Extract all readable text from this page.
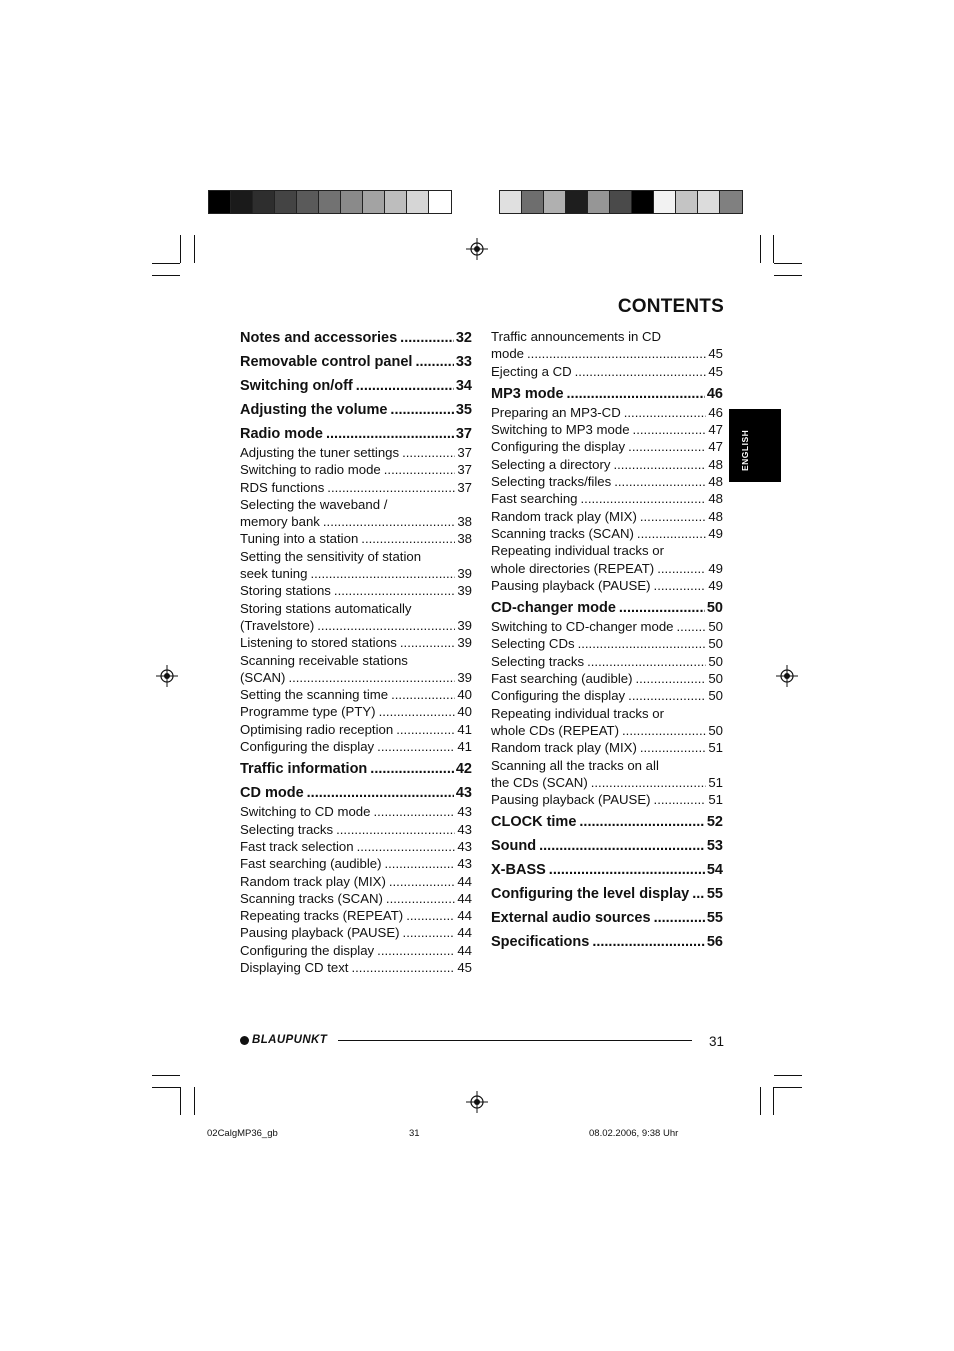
CONTENTS
Notes and accessories .....	32
Removable control panel .....	33
Switching on/off .....	34
Adjusting the volume .....	35
Radio mode .....	37
Adjusting the tuner settings .....	37
Switching to radio mode .....	37
RDS functions .....	37
Selecting the waveband /
memory bank .....	38
Tuning into a station .....	38
Setting the sensitivity of station
seek tuning .....	39
Storing stations .....	39
Storing stations automatically
(Travelstore) .....	39
Listening to stored stations .....	39
Scanning receivable stations
(SCAN) .....	39
Setting the scanning time .....	40
Programme type (PTY) .....	40
Optimising radio reception .....	41
Configuring the display .....	41
Traffic information .....	42
CD mode .....	43
Switching to CD mode .....	43
Selecting tracks .....	43
Fast track selection .....	43
Fast searching (audible) .....	43
Random track play (MIX) .....	44
Scanning tracks (SCAN) .....	44
Repeating tracks (REPEAT) .....	44
Pausing playback (PAUSE) .....	44
Configuring the display .....	44
Displaying CD text .....	45
Traffic announcements in CD
mode .....	45
Ejecting a CD .....	45
MP3 mode .....	46
Preparing an MP3-CD .....	46
Switching to MP3 mode .....	47
Configuring the display .....	47
Selecting a directory .....	48
Selecting tracks/files .....	48
Fast searching .....	48
Random track play (MIX) .....	48
Scanning tracks (SCAN) .....	49
Repeating individual tracks or
whole directories (REPEAT) .....	49
Pausing playback (PAUSE) .....	49
CD-changer mode .....	50
Switching to CD-changer mode .....	50
Selecting CDs .....	50
Selecting tracks .....	50
Fast searching (audible) .....	50
Configuring the display .....	50
Repeating individual tracks or
whole CDs (REPEAT) .....	50
Random track play (MIX) .....	51
Scanning all the tracks on all
the CDs (SCAN) .....	51
Pausing playback (PAUSE) .....	51
CLOCK time .....	52
Sound .....	53
X-BASS .....	54
Configuring the level display ..... 55
External audio sources .....	55
Specifications .....	56
ENGLISH
BLAUPUNKT	31
02CalgMP36_gb	31	08.02.2006, 9:38 Uhr
